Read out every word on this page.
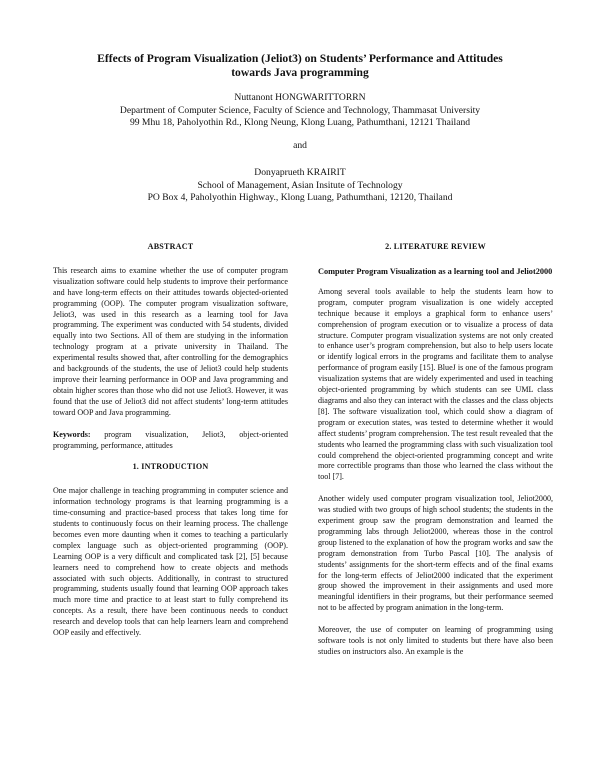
Effects of Program Visualization (Jeliot3) on Students’ Performance and Attitudes
towards Java programming
Nuttanont HONGWARITTORRN
Department of Computer Science, Faculty of Science and Technology, Thammasat University
99 Mhu 18, Paholyothin Rd., Klong Neung, Klong Luang, Pathumthani, 12121 Thailand
and
Donyaprueth KRAIRIT
School of Management, Asian Insitute of Technology
PO Box 4, Paholyothin Highway., Klong Luang, Pathumthani, 12120, Thailand
ABSTRACT
This research aims to examine whether the use of computer program visualization software could help students to improve their performance and have long-term effects on their attitudes towards objected-oriented programming (OOP). The computer program visualization software, Jeliot3, was used in this research as a learning tool for Java programming. The experiment was conducted with 54 students, divided equally into two Sections. All of them are studying in the information technology program at a private university in Thailand. The experimental results showed that, after controlling for the demographics and backgrounds of the students, the use of Jeliot3 could help students improve their learning performance in OOP and Java programming and obtain higher scores than those who did not use Jeliot3. However, it was found that the use of Jeliot3 did not affect students’ long-term attitudes toward OOP and Java programming.
Keywords: program visualization, Jeliot3, object-oriented programming, performance, attitudes
1. INTRODUCTION
One major challenge in teaching programming in computer science and information technology programs is that learning programming is a time-consuming and practice-based process that takes long time for students to continuously focus on their learning process. The challenge becomes even more daunting when it comes to teaching a particularly complex language such as object-oriented programming (OOP). Learning OOP is a very difficult and complicated task [2], [5] because learners need to comprehend how to create objects and methods associated with such objects. Additionally, in contrast to structured programming, students usually found that learning OOP approach takes much more time and practice to at least start to fully comprehend its concepts. As a result, there have been continuous needs to conduct research and develop tools that can help learners learn and comprehend OOP easily and effectively.
2. LITERATURE REVIEW
Computer Program Visualization as a learning tool and Jeliot2000
Among several tools available to help the students learn how to program, computer program visualization is one widely accepted technique because it employs a graphical form to enhance users’ comprehension of program execution or to visualize a process of data structure. Computer program visualization systems are not only created to enhance user’s program comprehension, but also to help users locate or identify logical errors in the programs and facilitate them to analyse performance of program easily [15]. BlueJ is one of the famous program visualization systems that are widely experimented and used in teaching object-oriented programming by which students can see UML class diagrams and also they can interact with the classes and the class objects [8]. The software visualization tool, which could show a diagram of program or execution states, was tested to determine whether it would affect students’ program comprehension. The test result revealed that the students who learned the programming class with such visualization tool could comprehend the object-oriented programming concept and write more correctible programs than those who learned the class without the tool [7].
Another widely used computer program visualization tool, Jeliot2000, was studied with two groups of high school students; the students in the experiment group saw the program demonstration and learned the programming labs through Jeliot2000, whereas those in the control group listened to the explanation of how the program works and saw the program demonstration from Turbo Pascal [10]. The analysis of students’ assignments for the short-term effects and of the final exams for the long-term effects of Jeliot2000 indicated that the experiment group showed the improvement in their assignments and used more meaningful identifiers in their programs, but their performance seemed not to be affected by program animation in the long-term.
Moreover, the use of computer on learning of programming using software tools is not only limited to students but there have also been studies on instructors also. An example is the
